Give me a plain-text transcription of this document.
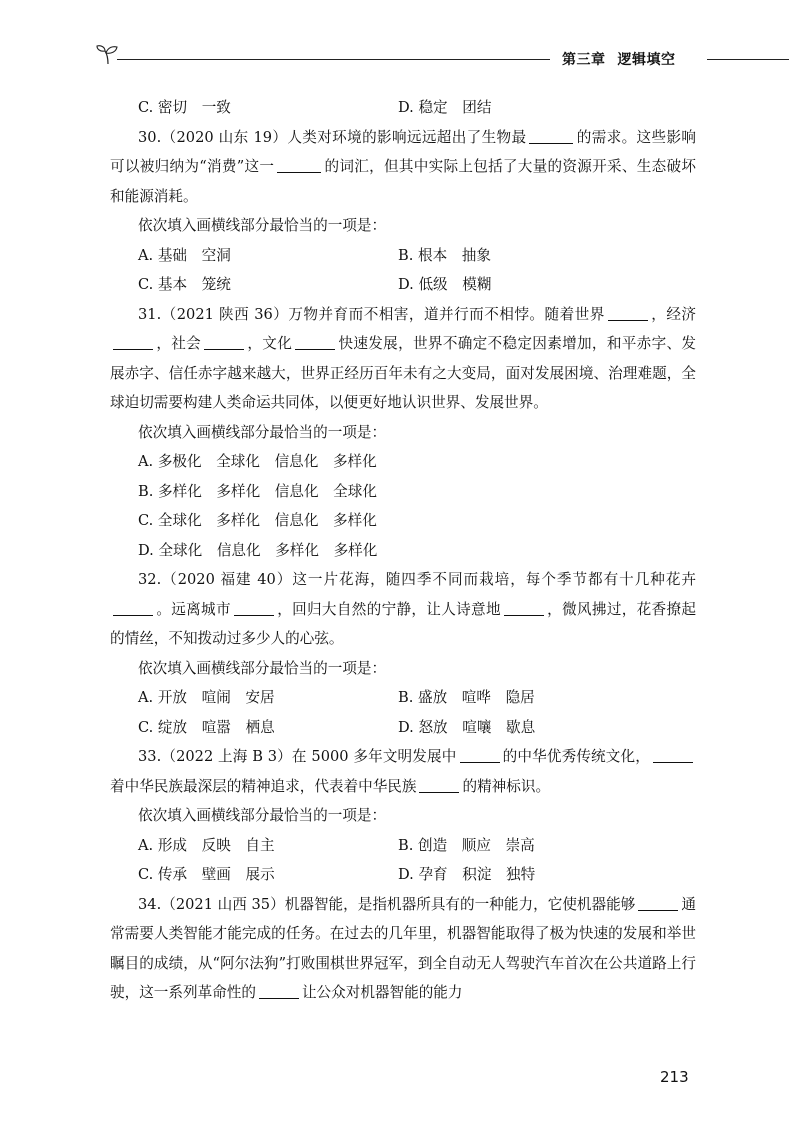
第三章 逻辑填空
C. 密切　一致	D. 稳定　团结
30.（2020 山东 19）人类对环境的影响远远超出了生物最	的需求。这些影响可以被归纳为“消费”这一	的词汇，但其中实际上包括了大量的资源开采、生态破坏和能源消耗。
依次填入画横线部分最恰当的一项是：
A. 基础　空洞	B. 根本　抽象
C. 基本　笼统	D. 低级　模糊
31.（2021 陕西 36）万物并育而不相害，道并行而不相悖。随着世界	，经济，社会	，文化	快速发展，世界不确定不稳定因素增加，和平赤字、发展赤字、信任赤字越来越大，世界正经历百年未有之大变局，面对发展困境、治理难题，全球迫切需要构建人类命运共同体，以便更好地认识世界、发展世界。
依次填入画横线部分最恰当的一项是：
A. 多极化　全球化　信息化　多样化
B. 多样化　多样化　信息化　全球化
C. 全球化　多样化　信息化　多样化
D. 全球化　信息化　多样化　多样化
32.（2020 福建 40）这一片花海，随四季不同而栽培，每个季节都有十几种花卉。远离城市	，回归大自然的宁静，让人诗意地	，微风拂过，花香撩起的情丝，不知拨动过多少人的心弦。
依次填入画横线部分最恰当的一项是：
A. 开放　喧闹　安居	B. 盛放　喧哗　隐居
C. 绽放　喧嚣　栖息	D. 怒放　喧嚷　歇息
33.（2022 上海 B 3）在 5000 多年文明发展中	的中华优秀传统文化，着中华民族最深层的精神追求，代表着中华民族	的精神标识。
依次填入画横线部分最恰当的一项是：
A. 形成　反映　自主	B. 创造　顺应　崇高
C. 传承　壁画　展示	D. 孕育　积淀　独特
34.（2021 山西 35）机器智能，是指机器所具有的一种能力，它使机器能够	通常需要人类智能才能完成的任务。在过去的几年里，机器智能取得了极为快速的发展和举世瞩目的成绩，从“阿尔法狗”打败围棋世界冠军，到全自动无人驾驶汽车首次在公共道路上行驶，这一系列革命性的	让公众对机器智能的能力
213
